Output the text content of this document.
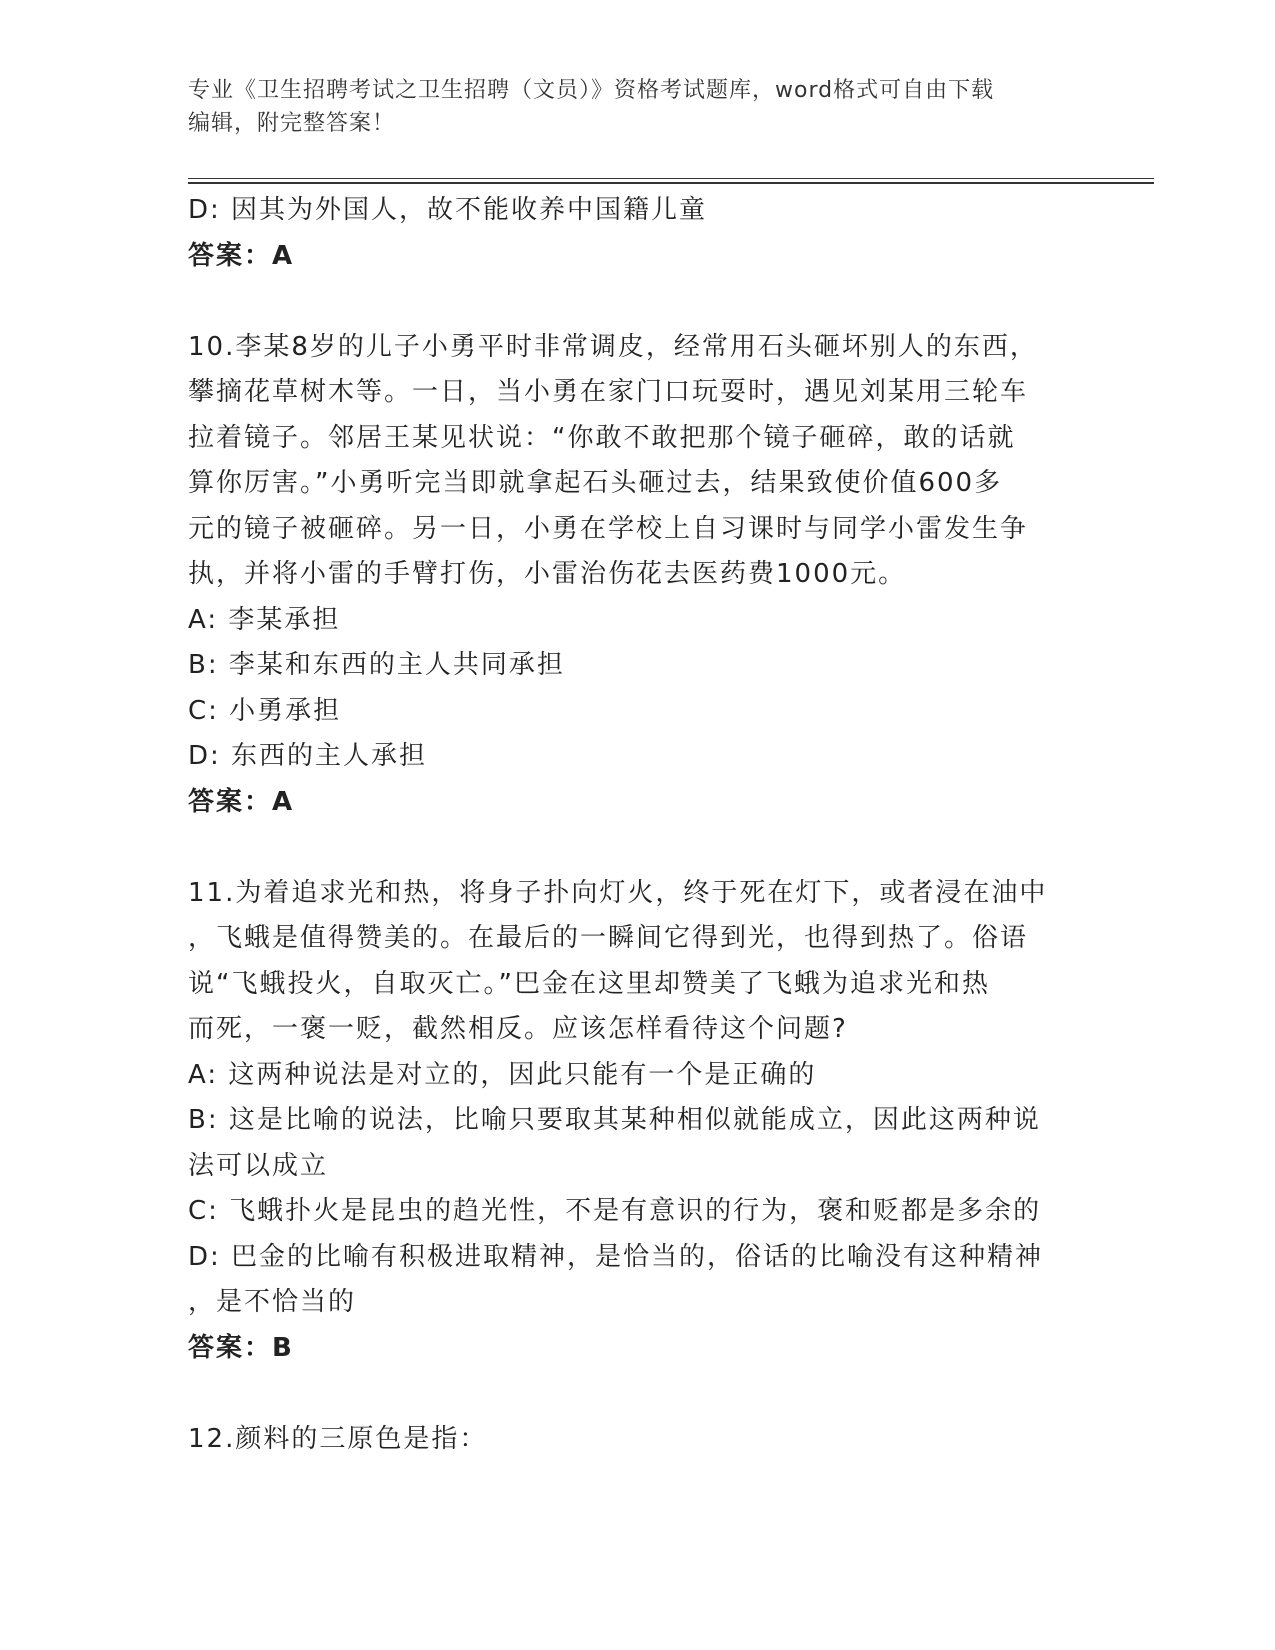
专业《卫生招聘考试之卫生招聘（文员）》资格考试题库，word格式可自由下载
编辑，附完整答案！

D: 因其为外国人，故不能收养中国籍儿童

答案：A

10.李某8岁的儿子小勇平时非常调皮，经常用石头砸坏别人的东西，

攀摘花草树木等。一日，当小勇在家门口玩耍时，遇见刘某用三轮车

拉着镜子。邻居王某见状说：“你敢不敢把那个镜子砸碎，敢的话就

算你厉害。”小勇听完当即就拿起石头砸过去，结果致使价值600多

元的镜子被砸碎。另一日，小勇在学校上自习课时与同学小雷发生争

执，并将小雷的手臂打伤，小雷治伤花去医药费1000元。

A: 李某承担

B: 李某和东西的主人共同承担

C: 小勇承担

D: 东西的主人承担

答案：A

11.为着追求光和热，将身子扑向灯火，终于死在灯下，或者浸在油中

，飞蛾是值得赞美的。在最后的一瞬间它得到光，也得到热了。俗语

说“飞蛾投火，自取灭亡。”巴金在这里却赞美了飞蛾为追求光和热

而死，一褒一贬，截然相反。应该怎样看待这个问题?

A: 这两种说法是对立的，因此只能有一个是正确的

B: 这是比喻的说法，比喻只要取其某种相似就能成立，因此这两种说

法可以成立

C: 飞蛾扑火是昆虫的趋光性，不是有意识的行为，褒和贬都是多余的

D: 巴金的比喻有积极进取精神，是恰当的，俗话的比喻没有这种精神

，是不恰当的

答案：B

12.颜料的三原色是指：
